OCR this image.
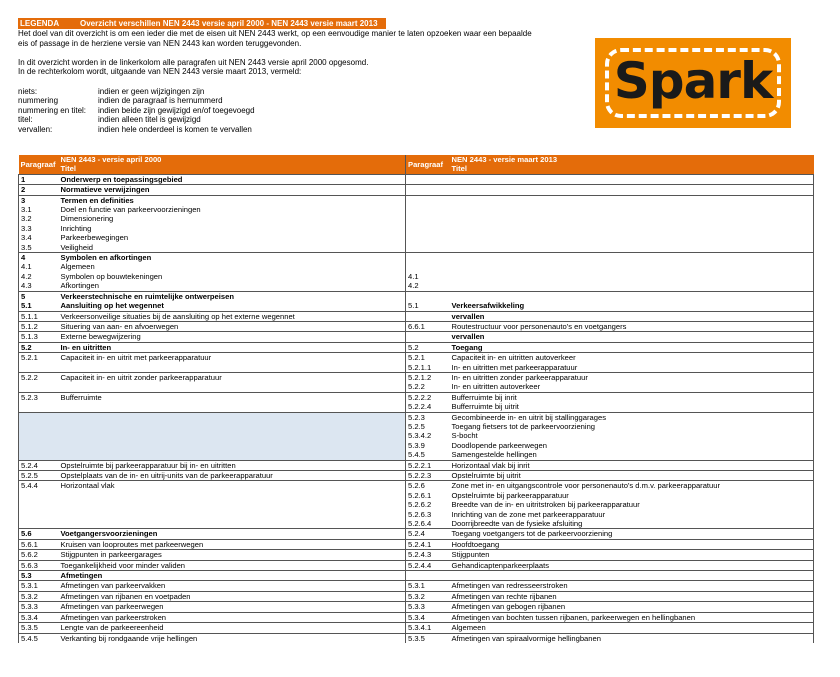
LEGENDA	Overzicht verschillen NEN 2443 versie april 2000 - NEN 2443 versie maart 2013
Het doel van dit overzicht is om een ieder die met de eisen uit NEN 2443 werkt, op een eenvoudige manier te laten opzoeken waar een bepaalde
eis of passage in de herziene versie van NEN 2443 kan worden teruggevonden.
In dit overzicht worden in de linkerkolom alle paragrafen uit NEN 2443 versie april 2000 opgesomd.
In de rechterkolom wordt, uitgaande van NEN 2443 versie maart 2013, vermeld:
niets:	indien er geen wijzigingen zijn
nummering	indien de paragraaf is hernummerd
nummering en titel: indien beide zijn gewijzigd en/of toegevoegd
titel:	indien alleen titel is gewijzigd
vervallen:	indien hele onderdeel is komen te vervallen
Spark
Paragraaf	NEN 2443 - versie april 2000	Paragraaf	NEN 2443 - versie maart 2013
	Titel		Titel
1	Onderwerp en toepassingsgebied		
2	Normatieve verwijzingen		
3	Termen en definities		
3.1	Doel en functie van parkeervoorzieningen		
3.2	Dimensionering		
3.3	Inrichting		
3.4	Parkeerbewegingen		
3.5	Veiligheid		
4	Symbolen en afkortingen		
4.1	Algemeen		
4.2	Symbolen op bouwtekeningen	4.1	
4.3	Afkortingen	4.2	
5	Verkeerstechnische en ruimtelijke ontwerpeisen		
5.1	Aansluiting op het wegennet	5.1	Verkeersafwikkeling
5.1.1	Verkeersonveilige situaties bij de aansluiting op het externe wegennet		vervallen
5.1.2	Situering van aan- en afvoerwegen	6.6.1	Routestructuur voor personenauto's en voetgangers
5.1.3	Externe bewegwijzering		vervallen
5.2	In- en uitritten	5.2	Toegang
5.2.1	Capaciteit in- en uitrit met parkeerapparatuur	5.2.1	Capaciteit in- en uitritten autoverkeer
		5.2.1.1	In- en uitritten met parkeerapparatuur
5.2.2	Capaciteit in- en uitrit zonder parkeerapparatuur	5.2.1.2	In- en uitritten zonder parkeerapparatuur
		5.2.2	In- en uitritten autoverkeer
5.2.3	Bufferruimte	5.2.2.2	Bufferruimte bij inrit
		5.2.2.4	Bufferruimte bij uitrit
		5.2.3	Gecombineerde in- en uitrit bij stallinggarages
		5.2.5	Toegang fietsers tot de parkeervoorziening
		5.3.4.2	S-bocht
		5.3.9	Doodlopende parkeerwegen
		5.4.5	Samengestelde hellingen
5.2.4	Opstelruimte bij parkeerapparatuur bij in- en uitritten	5.2.2.1	Horizontaal vlak bij inrit
5.2.5	Opstelplaats van de in- en uitrij-units van de parkeerapparatuur	5.2.2.3	Opstelruimte bij uitrit
5.4.4	Horizontaal vlak	5.2.6	Zone met in- en uitgangscontrole voor personenauto's d.m.v. parkeerapparatuur
		5.2.6.1	Opstelruimte bij parkeerapparatuur
		5.2.6.2	Breedte van de in- en uitritstroken bij parkeerapparatuur
		5.2.6.3	Inrichting van de zone met parkeerapparatuur
		5.2.6.4	Doorrijbreedte van de fysieke afsluiting
5.6	Voetgangersvoorzieningen	5.2.4	Toegang voetgangers tot de parkeervoorziening
5.6.1	Kruisen van looproutes met parkeerwegen	5.2.4.1	Hoofdtoegang
5.6.2	Stijgpunten in parkeergarages	5.2.4.3	Stijgpunten
5.6.3	Toegankelijkheid voor minder validen	5.2.4.4	Gehandicaptenparkeerplaats
5.3	Afmetingen		
5.3.1	Afmetingen van parkeervakken	5.3.1	Afmetingen van redresseerstroken
5.3.2	Afmetingen van rijbanen en voetpaden	5.3.2	Afmetingen van rechte rijbanen
5.3.3	Afmetingen van parkeerwegen	5.3.3	Afmetingen van gebogen rijbanen
5.3.4	Afmetingen van parkeerstroken	5.3.4	Afmetingen van bochten tussen rijbanen, parkeerwegen en hellingbanen
5.3.5	Lengte van de parkeereenheid	5.3.4.1	Algemeen
5.4.5	Verkanting bij rondgaande vrije hellingen	5.3.5	Afmetingen van spiraalvormige hellingbanen
